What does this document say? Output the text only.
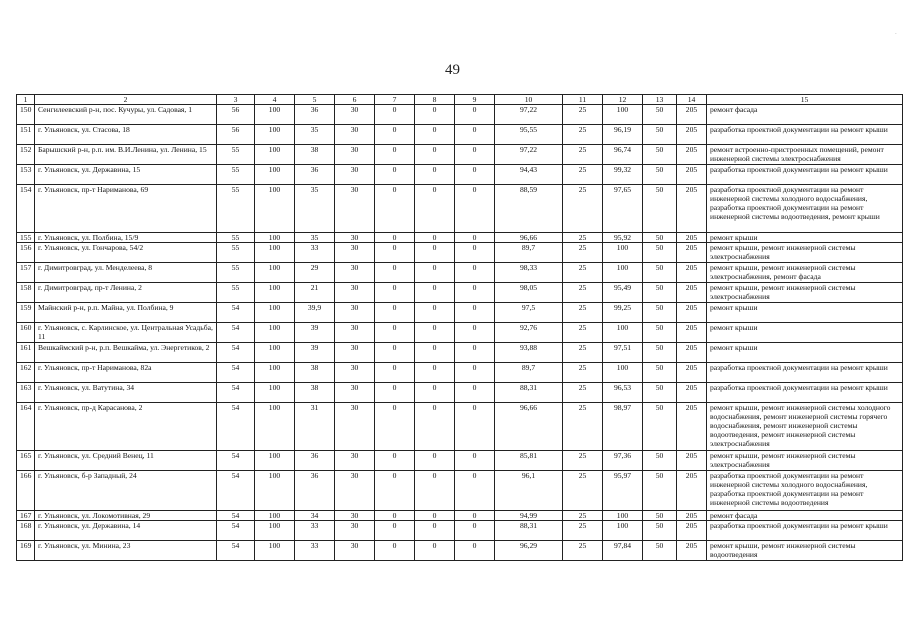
49
1	2	3	4	5	6	7	8	9	10	11	12	13	14	15
150	Сенгилеевский р-н, пос. Кучуры, ул. Садовая, 1	56	100	36	30	0	0	0	97,22	25	100	50	205	ремонт фасада
151	г. Ульяновск, ул. Стасова, 18	56	100	35	30	0	0	0	95,55	25	96,19	50	205	разработка проектной документации на ремонт крыши
152	Барышский р-н, р.п. им. В.И.Ленина, ул. Ленина, 15	55	100	38	30	0	0	0	97,22	25	96,74	50	205	ремонт встроенно-пристроенных помещений, ремонт инженерной системы электроснабжения
153	г. Ульяновск, ул. Державина, 15	55	100	36	30	0	0	0	94,43	25	99,32	50	205	разработка проектной документации на ремонт крыши
154	г. Ульяновск, пр-т Нариманова, 69	55	100	35	30	0	0	0	88,59	25	97,65	50	205	разработка проектной документации на ремонт инженерной системы холодного водоснабжения, разработка проектной документации на ремонт инженерной системы водоотведения, ремонт крыши
155	г. Ульяновск, ул. Полбина, 15/9	55	100	35	30	0	0	0	96,66	25	95,92	50	205	ремонт крыши
156	г. Ульяновск, ул. Гончарова, 54/2	55	100	33	30	0	0	0	89,7	25	100	50	205	ремонт крыши, ремонт инженерной системы электроснабжения
157	г. Димитровград, ул. Менделеева, 8	55	100	29	30	0	0	0	98,33	25	100	50	205	ремонт крыши, ремонт инженерной системы электроснабжения, ремонт фасада
158	г. Димитровград, пр-т Ленина, 2	55	100	21	30	0	0	0	98,05	25	95,49	50	205	ремонт крыши, ремонт инженерной системы электроснабжения
159	Майнский р-н, р.п. Майна, ул. Полбина, 9	54	100	39,9	30	0	0	0	97,5	25	99,25	50	205	ремонт крыши
160	г. Ульяновск, с. Карлинское, ул. Центральная Усадьба, 11	54	100	39	30	0	0	0	92,76	25	100	50	205	ремонт крыши
161	Вешкаймский р-н, р.п. Вешкайма, ул. Энергетиков, 2	54	100	39	30	0	0	0	93,88	25	97,51	50	205	ремонт крыши
162	г. Ульяновск, пр-т Нариманова, 82а	54	100	38	30	0	0	0	89,7	25	100	50	205	разработка проектной документации на ремонт крыши
163	г. Ульяновск, ул. Ватутина, 34	54	100	38	30	0	0	0	88,31	25	96,53	50	205	разработка проектной документации на ремонт крыши
164	г. Ульяновск, пр-д Карасанова, 2	54	100	31	30	0	0	0	96,66	25	98,97	50	205	ремонт крыши, ремонт инженерной системы холодного водоснабжения, ремонт инженерной системы горячего водоснабжения, ремонт инженерной системы водоотведения, ремонт инженерной системы электроснабжения
165	г. Ульяновск, ул. Средний Венец, 11	54	100	36	30	0	0	0	85,81	25	97,36	50	205	ремонт крыши, ремонт инженерной системы электроснабжения
166	г. Ульяновск, б-р Западный, 24	54	100	36	30	0	0	0	96,1	25	95,97	50	205	разработка проектной документации на ремонт инженерной системы холодного водоснабжения, разработка проектной документации на ремонт инженерной системы водоотведения
167	г. Ульяновск, ул. Локомотивная, 29	54	100	34	30	0	0	0	94,99	25	100	50	205	ремонт фасада
168	г. Ульяновск, ул. Державина, 14	54	100	33	30	0	0	0	88,31	25	100	50	205	разработка проектной документации на ремонт крыши
169	г. Ульяновск, ул. Минина, 23	54	100	33	30	0	0	0	96,29	25	97,84	50	205	ремонт крыши, ремонт инженерной системы водоотведения
·
